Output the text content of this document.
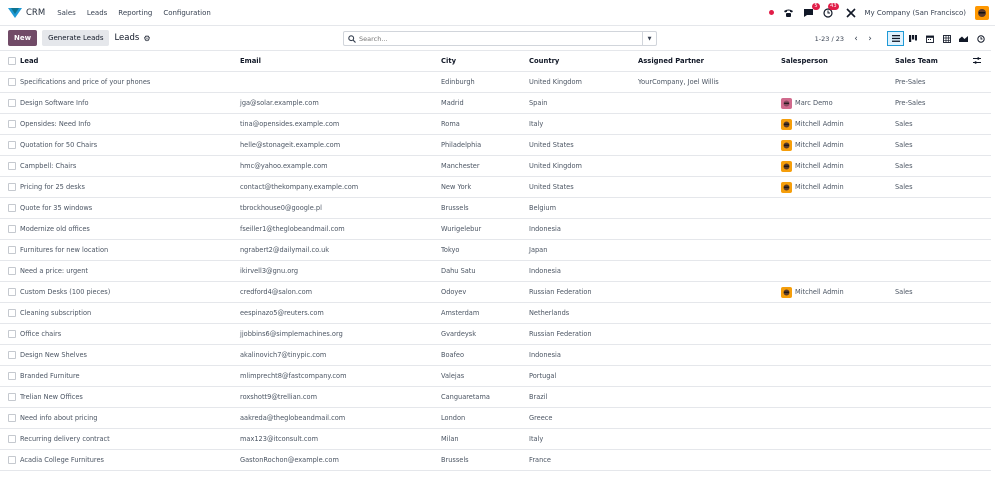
CRM Sales Leads Reporting Configuration
5	43
My Company (San Francisco)
New	Generate Leads	Leads ⚙
Search...	▼	1-23 / 23	‹	›
	Lead	Email	City	Country	Assigned Partner	Salesperson	Sales Team	
	Specifications and price of your phones		Edinburgh	United Kingdom	YourCompany, Joel Willis		Pre-Sales	
	Design Software Info	jga@solar.example.com	Madrid	Spain		Marc Demo	Pre-Sales	
	Opensides: Need Info	tina@opensides.example.com	Roma	Italy		Mitchell Admin	Sales	
	Quotation for 50 Chairs	helle@stonageit.example.com	Philadelphia	United States		Mitchell Admin	Sales	
	Campbell: Chairs	hmc@yahoo.example.com	Manchester	United Kingdom		Mitchell Admin	Sales	
	Pricing for 25 desks	contact@thekompany.example.com	New York	United States		Mitchell Admin	Sales	
	Quote for 35 windows	tbrockhouse0@google.pl	Brussels	Belgium				
	Modernize old offices	fseiller1@theglobeandmail.com	Wurigelebur	Indonesia				
	Furnitures for new location	ngrabert2@dailymail.co.uk	Tokyo	Japan				
	Need a price: urgent	ikirvell3@gnu.org	Dahu Satu	Indonesia				
	Custom Desks (100 pieces)	credford4@salon.com	Odoyev	Russian Federation		Mitchell Admin	Sales	
	Cleaning subscription	eespinazo5@reuters.com	Amsterdam	Netherlands				
	Office chairs	jjobbins6@simplemachines.org	Gvardeysk	Russian Federation				
	Design New Shelves	akalinovich7@tinypic.com	Boafeo	Indonesia				
	Branded Furniture	mlimprecht8@fastcompany.com	Valejas	Portugal				
	Trelian New Offices	roxshott9@trellian.com	Canguaretama	Brazil				
	Need info about pricing	aakreda@theglobeandmail.com	London	Greece				
	Recurring delivery contract	max123@itconsult.com	Milan	Italy				
	Acadia College Furnitures	GastonRochon@example.com	Brussels	France				
